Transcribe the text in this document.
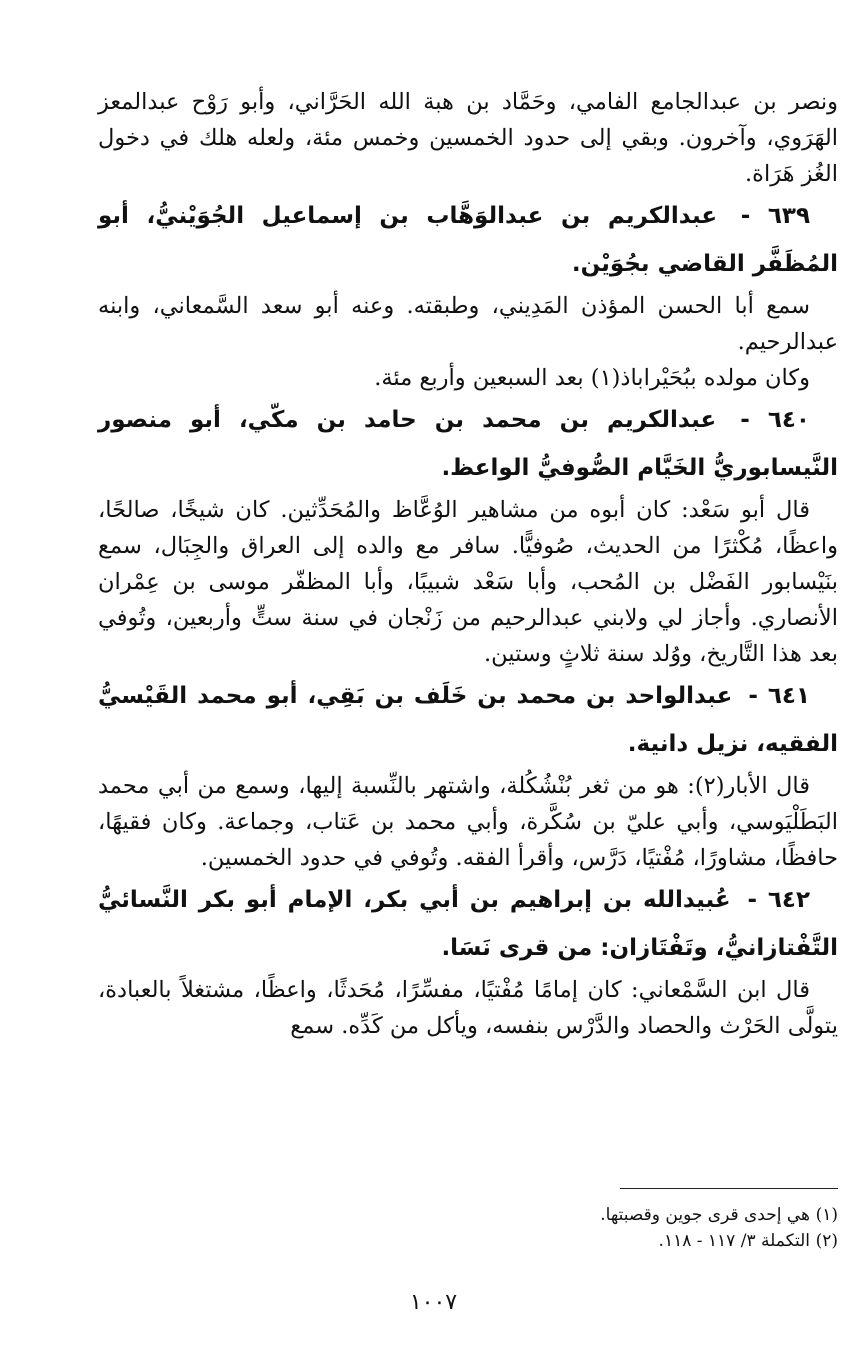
ونصر بن عبدالجامع الفامي، وحَمَّاد بن هبة الله الحَرَّاني، وأبو رَوْح عبدالمعز الهَرَوي، وآخرون. وبقي إلى حدود الخمسين وخمس مئة، ولعله هلك في دخول الغُز هَرَاة.

٦٣٩ - عبدالكريم بن عبدالوَهَّاب بن إسماعيل الجُوَيْنيُّ، أبو المُظَفَّر القاضي بجُوَيْن.

سمع أبا الحسن المؤذن المَدِيني، وطبقته. وعنه أبو سعد السَّمعاني، وابنه عبدالرحيم.

وكان مولده ببُحَيْراباذ(١) بعد السبعين وأربع مئة.

٦٤٠ - عبدالكريم بن محمد بن حامد بن مكّي، أبو منصور النَّيسابوريُّ الخَيَّام الصُّوفيُّ الواعظ.

قال أبو سَعْد: كان أبوه من مشاهير الوُعَّاظ والمُحَدِّثين. كان شيخًا، صالحًا، واعظًا، مُكْثرًا من الحديث، صُوفيًّا. سافر مع والده إلى العراق والجِبَال، سمع بنَيْسابور الفَضْل بن المُحب، وأبا سَعْد شبيبًا، وأبا المظفّر موسى بن عِمْران الأنصاري. وأجاز لي ولابني عبدالرحيم من زَنْجان في سنة ستٍّ وأربعين، وتُوفي بعد هذا التَّاريخ، ووُلد سنة ثلاثٍ وستين.

٦٤١ - عبدالواحد بن محمد بن خَلَف بن بَقِي، أبو محمد القَيْسيُّ الفقيه، نزيل دانية.

قال الأبار(٢): هو من ثغر بُنْشُكُلة، واشتهر بالنِّسبة إليها، وسمع من أبي محمد البَطَلْيَوسي، وأبي عليّ بن سُكَّرة، وأبي محمد بن عَتاب، وجماعة. وكان فقيهًا، حافظًا، مشاورًا، مُفْتيًا، دَرَّس، وأقرأ الفقه. وتُوفي في حدود الخمسين.

٦٤٢ - عُبيدالله بن إبراهيم بن أبي بكر، الإمام أبو بكر النَّسائيُّ التَّفْتازانيُّ، وتَفْتَازان: من قرى نَسَا.

قال ابن السَّمْعاني: كان إمامًا مُفْتيًا، مفسِّرًا، مُحَدثًا، واعظًا، مشتغلاً بالعبادة، يتولَّى الحَرْث والحصاد والدَّرْس بنفسه، ويأكل من كَدِّه. سمع

(١)هي إحدى قرى جوين وقصبتها.
(٢)التكملة ٣/ ١١٧ - ١١٨.
١٠٠٧
